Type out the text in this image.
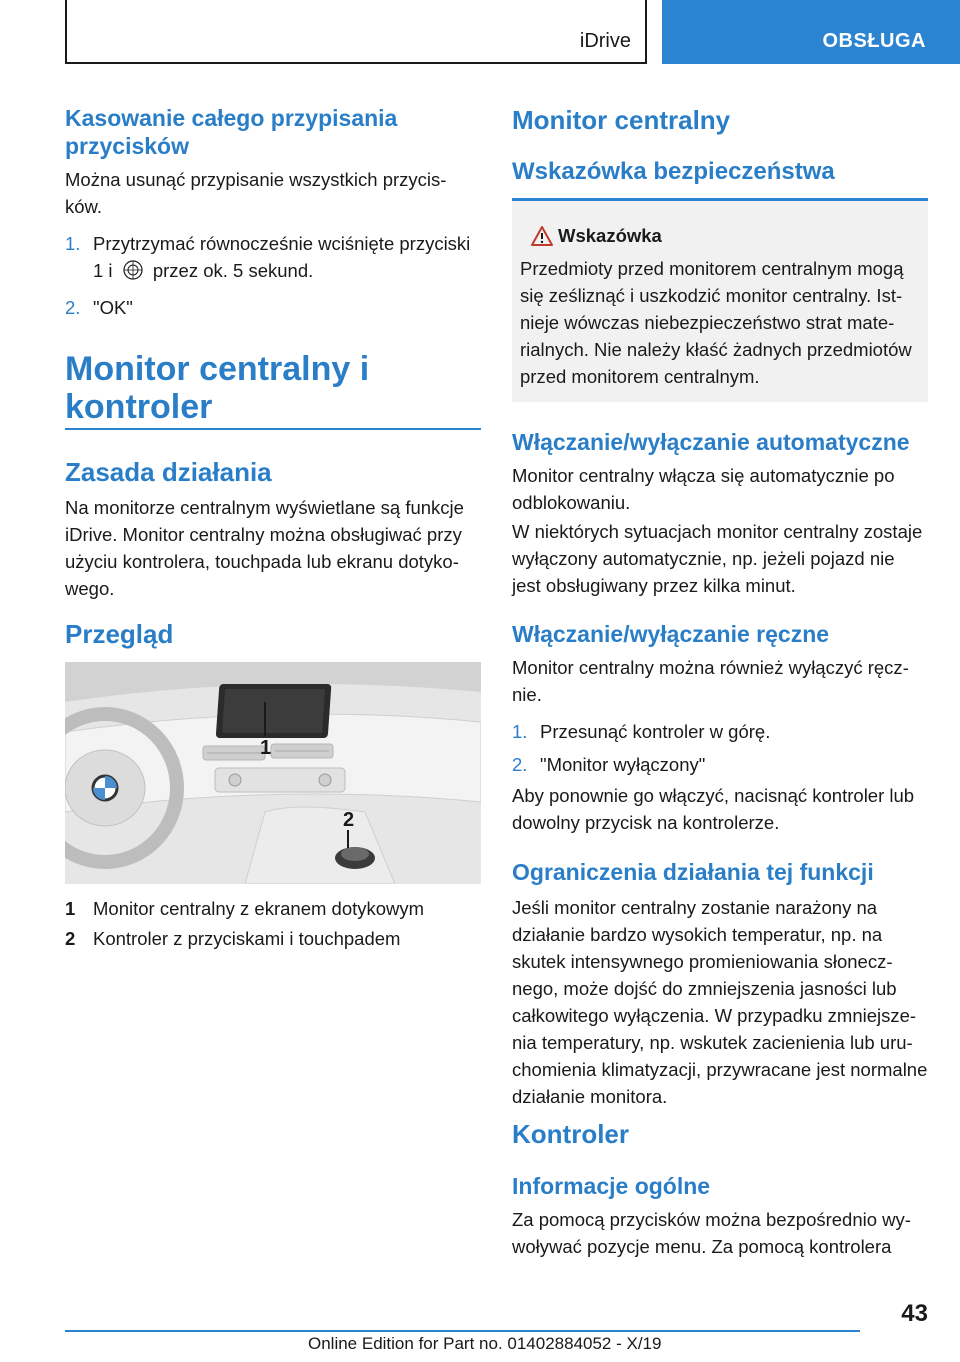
iDrive	OBSŁUGA

Kasowanie całego przypisania przycisków

Można usunąć przypisanie wszystkich przycisków.

1. Przytrzymać równocześnie wciśnięte przyciski 1 i przez ok. 5 sekund.
2. "OK"

Monitor centralny i kontroler

Zasada działania

Na monitorze centralnym wyświetlane są funkcje iDrive. Monitor centralny można obsługiwać przy użyciu kontrolera, touchpada lub ekranu dotykowego.

Przegląd

1
2
1 Monitor centralny z ekranem dotykowym
2 Kontroler z przyciskami i touchpadem

Monitor centralny

Wskazówka bezpieczeństwa

Wskazówka

Przedmioty przed monitorem centralnym mogą się ześliznąć i uszkodzić monitor centralny. Istnieje wówczas niebezpieczeństwo strat materialnych. Nie należy kłaść żadnych przedmiotów przed monitorem centralnym.

Włączanie/wyłączanie automatyczne

Monitor centralny włącza się automatycznie po odblokowaniu.

W niektórych sytuacjach monitor centralny zostaje wyłączony automatycznie, np. jeżeli pojazd nie jest obsługiwany przez kilka minut.

Włączanie/wyłączanie ręczne

Monitor centralny można również wyłączyć ręcznie.

1. Przesunąć kontroler w górę.
2. "Monitor wyłączony"

Aby ponownie go włączyć, nacisnąć kontroler lub dowolny przycisk na kontrolerze.

Ograniczenia działania tej funkcji

Jeśli monitor centralny zostanie narażony na działanie bardzo wysokich temperatur, np. na skutek intensywnego promieniowania słonecznego, może dojść do zmniejszenia jasności lub całkowitego wyłączenia. W przypadku zmniejszenia temperatury, np. wskutek zacienienia lub uruchomienia klimatyzacji, przywracane jest normalne działanie monitora.

Kontroler

Informacje ogólne

Za pomocą przycisków można bezpośrednio wywoływać pozycje menu. Za pomocą kontrolera

43
Online Edition for Part no. 01402884052 - X/19
